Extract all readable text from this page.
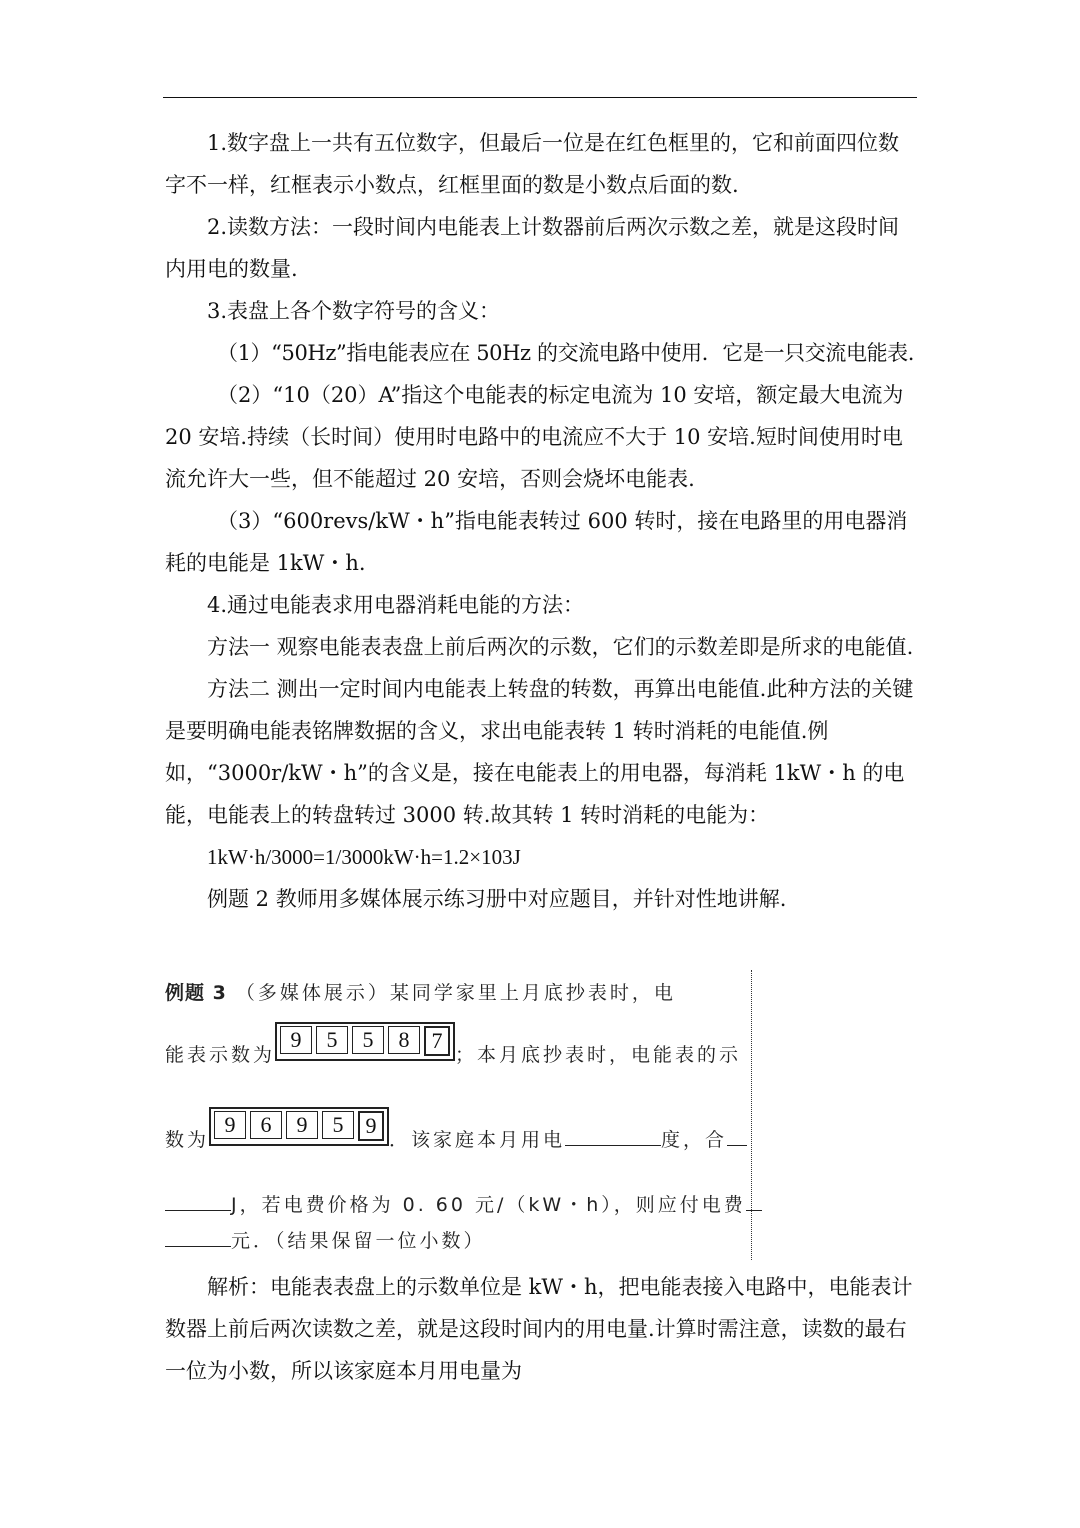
1.数字盘上一共有五位数字，但最后一位是在红色框里的，它和前面四位数字不一样，红框表示小数点，红框里面的数是小数点后面的数.

2.读数方法：一段时间内电能表上计数器前后两次示数之差，就是这段时间内用电的数量.

3.表盘上各个数字符号的含义：

（1）“50Hz”指电能表应在 50Hz 的交流电路中使用．它是一只交流电能表.

（2）“10（20）A”指这个电能表的标定电流为 10 安培，额定最大电流为 20 安培.持续（长时间）使用时电路中的电流应不大于 10 安培.短时间使用时电流允许大一些，但不能超过 20 安培，否则会烧坏电能表.

（3）“600revs/kW・h”指电能表转过 600 转时，接在电路里的用电器消耗的电能是 1kW・h.

4.通过电能表求用电器消耗电能的方法：

方法一 观察电能表表盘上前后两次的示数，它们的示数差即是所求的电能值.

方法二 测出一定时间内电能表上转盘的转数，再算出电能值.此种方法的关键是要明确电能表铭牌数据的含义，求出电能表转 1 转时消耗的电能值.例如，“3000r/kW・h”的含义是，接在电能表上的用电器，每消耗 1kW・h 的电能，电能表上的转盘转过 3000 转.故其转 1 转时消耗的电能为：

1kW·h/3000=1/3000kW·h=1.2×103J

例题 2 教师用多媒体展示练习册中对应题目，并针对性地讲解.

例题 3 （多媒体展示）某同学家里上月底抄表时，电
能表示数为
9	5	5	8	7
；本月底抄表时，电能表的示
数为
9	6	9	5	9
．该家庭本月用电	度，合
J，若电费价格为 0. 60 元/（kW・h），则应付电费
元．（结果保留一位小数）

解析：电能表表盘上的示数单位是 kW・h，把电能表接入电路中，电能表计数器上前后两次读数之差，就是这段时间内的用电量.计算时需注意，读数的最右一位为小数，所以该家庭本月用电量为
